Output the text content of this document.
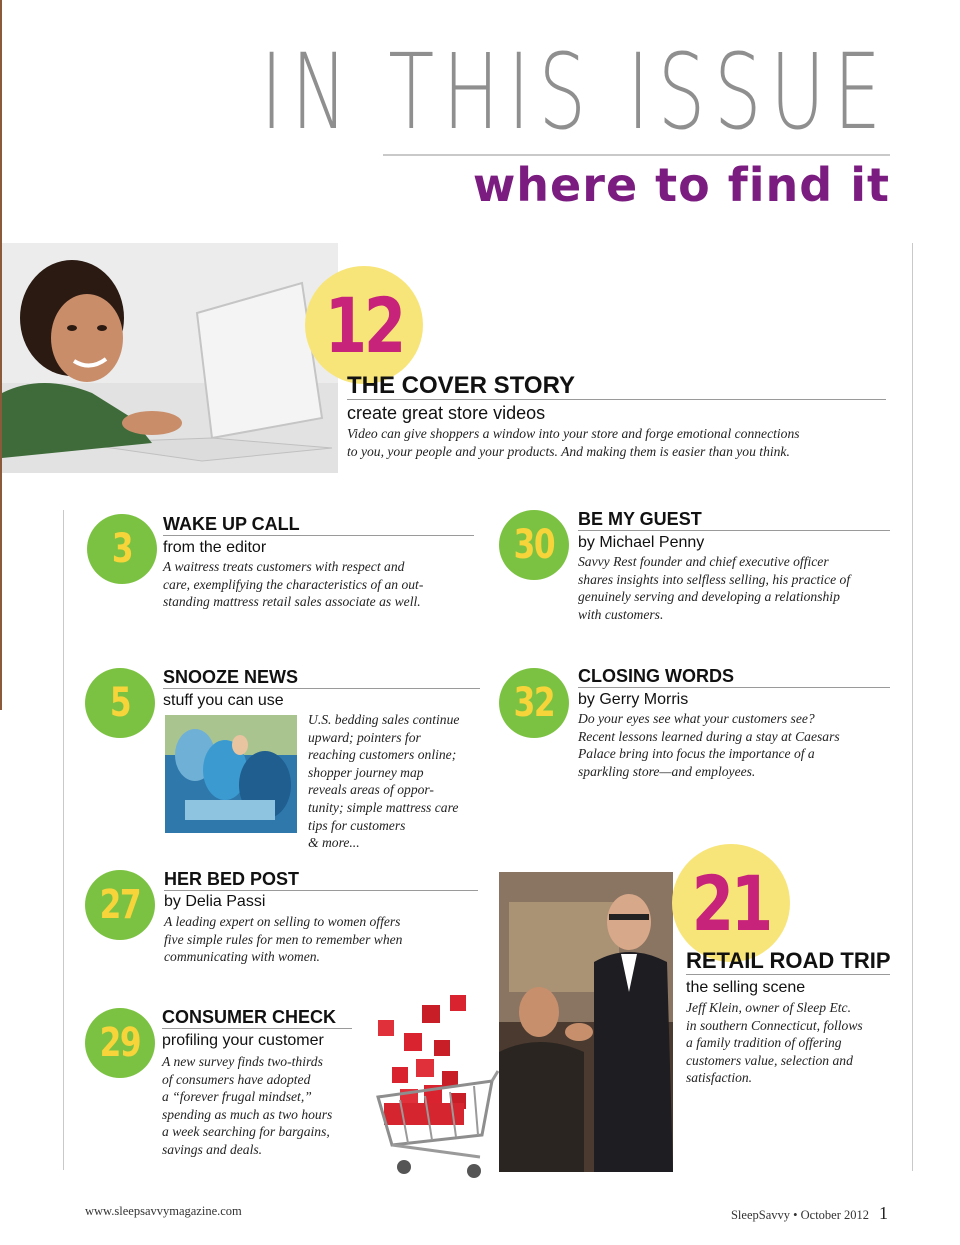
IN THIS ISSUE
where to find it
12
THE COVER STORY
create great store videos
Video can give shoppers a window into your store and forge emotional connections
to you, your people and your products. And making them is easier than you think.
3
WAKE UP CALL
from the editor
A waitress treats customers with respect and
care, exemplifying the characteristics of an out-
standing mattress retail sales associate as well.
30
BE MY GUEST
by Michael Penny
Savvy Rest founder and chief executive officer
shares insights into selfless selling, his practice of
genuinely serving and developing a relationship
with customers.
5
SNOOZE NEWS
stuff you can use
U.S. bedding sales continue
upward; pointers for
reaching customers online;
shopper journey map
reveals areas of oppor-
tunity; simple mattress care
tips for customers
& more...
32
CLOSING WORDS
by Gerry Morris
Do your eyes see what your customers see?
Recent lessons learned during a stay at Caesars
Palace bring into focus the importance of a
sparkling store—and employees.
27
HER BED POST
by Delia Passi
A leading expert on selling to women offers
five simple rules for men to remember when
communicating with women.
29
CONSUMER CHECK
profiling your customer
A new survey finds two-thirds
of consumers have adopted
a “forever frugal mindset,”
spending as much as two hours
a week searching for bargains,
savings and deals.
21
RETAIL ROAD TRIP
the selling scene
Jeff Klein, owner of Sleep Etc.
in southern Connecticut, follows
a family tradition of offering
customers value, selection and
satisfaction.
www.sleepsavvymagazine.com	SleepSavvy • October 2012 1
